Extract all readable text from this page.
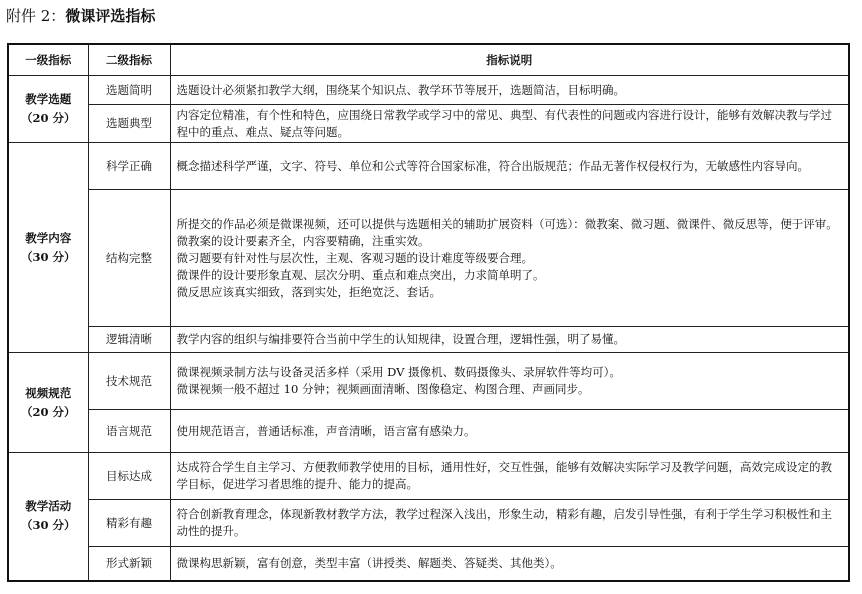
附件 2：微课评选指标
一级指标	二级指标	指标说明
教学选题
（20 分）	选题简明	选题设计必须紧扣教学大纲，围绕某个知识点、教学环节等展开，选题简洁，目标明确。

	选题典型	内容定位精准，有个性和特色，应围绕日常教学或学习中的常见、典型、有代表性的问题或内容进行设计，能够有效解决教与学过程中的重点、难点、疑点等问题。

教学内容
（30 分）	科学正确	概念描述科学严谨，文字、符号、单位和公式等符合国家标准，符合出版规范；作品无著作权侵权行为，无敏感性内容导向。

	结构完整	所提交的作品必须是微课视频，还可以提供与选题相关的辅助扩展资料（可选）：微教案、微习题、微课件、微反思等，便于评审。
微教案的设计要素齐全，内容要精确，注重实效。
微习题要有针对性与层次性，主观、客观习题的设计难度等级要合理。
微课件的设计要形象直观、层次分明、重点和难点突出，力求简单明了。
微反思应该真实细致，落到实处，拒绝宽泛、套话。

	逻辑清晰	教学内容的组织与编排要符合当前中学生的认知规律，设置合理，逻辑性强，明了易懂。

视频规范
（20 分）	技术规范	微课视频录制方法与设备灵活多样（采用 DV 摄像机、数码摄像头、录屏软件等均可）。
微课视频一般不超过 10 分钟；视频画面清晰、图像稳定、构图合理、声画同步。

	语言规范	使用规范语言，普通话标准，声音清晰，语言富有感染力。

教学活动
（30 分）	目标达成	达成符合学生自主学习、方便教师教学使用的目标，通用性好，交互性强，能够有效解决实际学习及教学问题，高效完成设定的教学目标，促进学习者思维的提升、能力的提高。

	精彩有趣	符合创新教育理念，体现新教材教学方法，教学过程深入浅出，形象生动，精彩有趣，启发引导性强，有利于学生学习积极性和主动性的提升。

	形式新颖	微课构思新颖，富有创意，类型丰富（讲授类、解题类、答疑类、其他类）。
